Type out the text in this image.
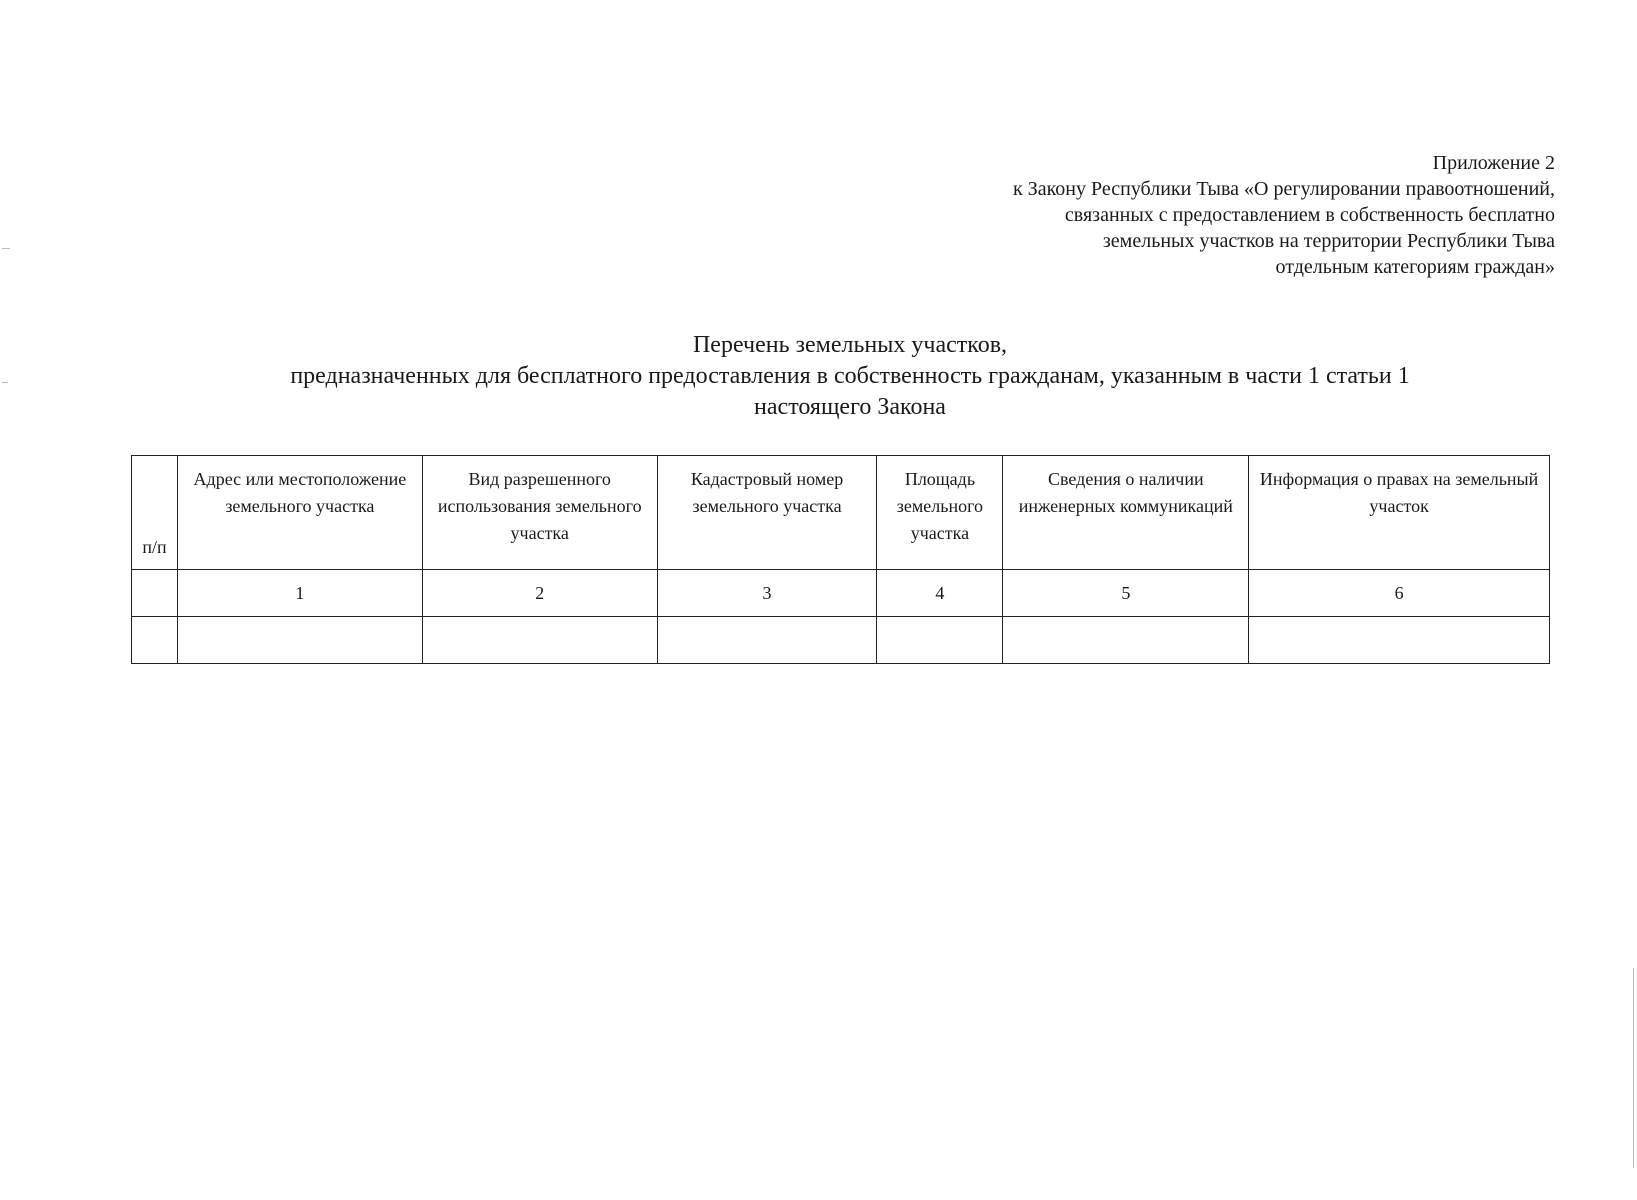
Приложение 2
к Закону Республики Тыва «О регулировании правоотношений,
связанных с предоставлением в собственность бесплатно
земельных участков на территории Республики Тыва
отдельным категориям граждан»
Перечень земельных участков,
предназначенных для бесплатного предоставления в собственность гражданам, указанным в части 1 статьи 1
настоящего Закона
п/п	Адрес или местоположение земельного участка	Вид разрешенного использования земельного участка	Кадастровый номер земельного участка	Площадь земельного участка	Сведения о наличии инженерных коммуникаций	Информация о правах на земельный участок
	1	2	3	4	5	6
